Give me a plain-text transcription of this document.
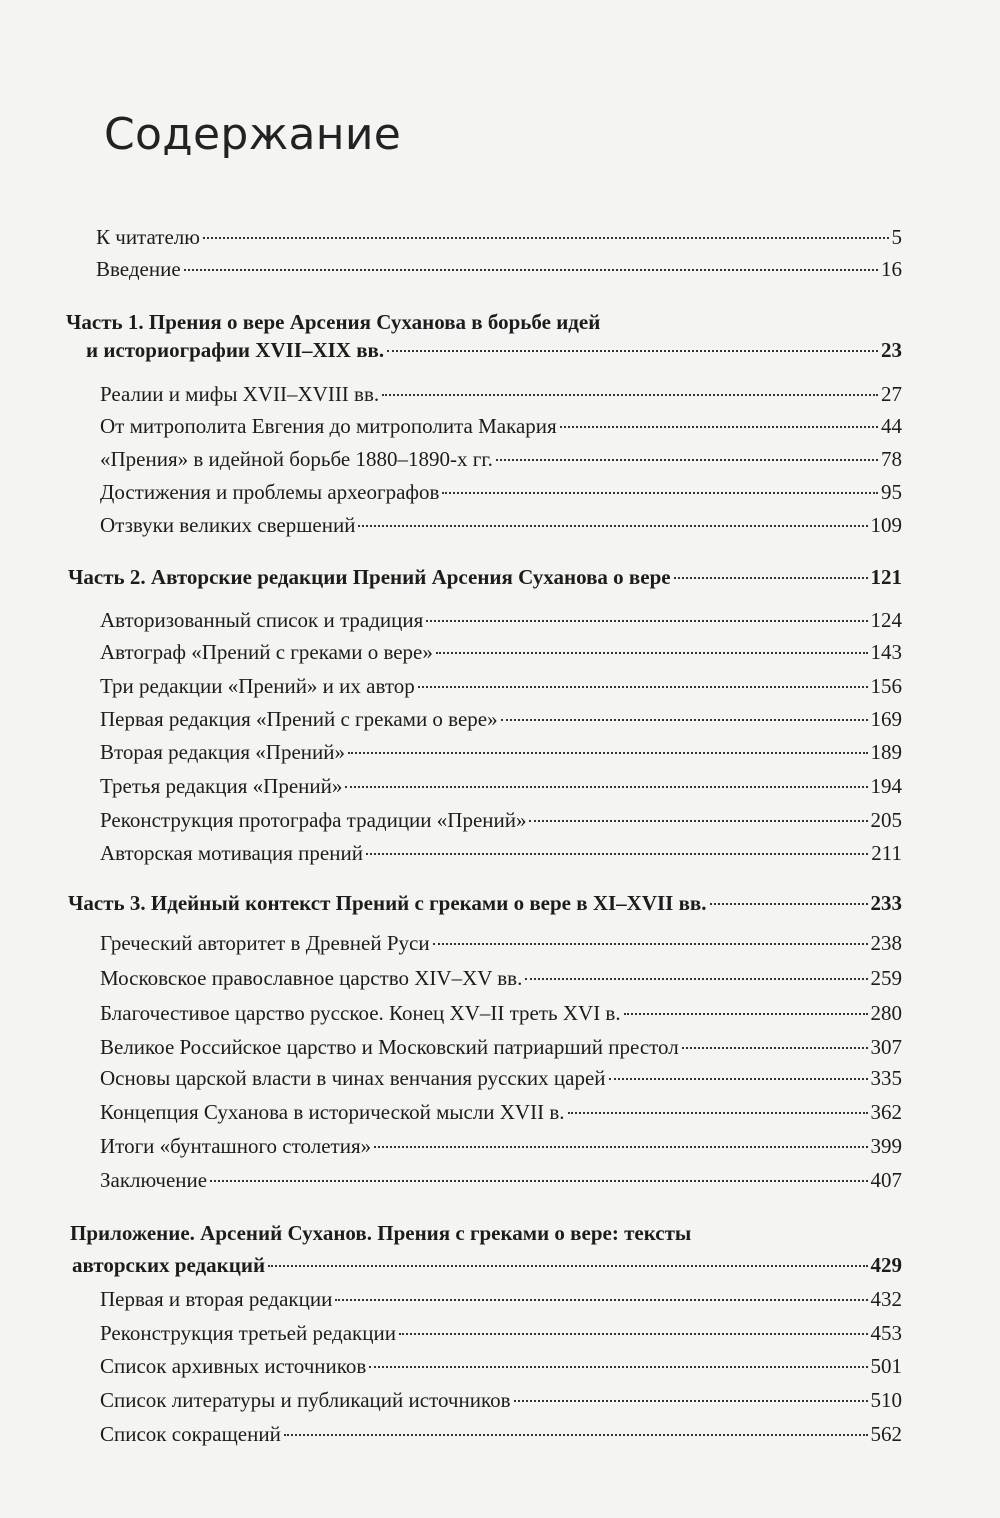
Содержание
К читателю	5
Введение	16
Часть 1. Прения о вере Арсения Суханова в борьбе идей
и историографии XVII–XIX вв.	23
Реалии и мифы XVII–XVIII вв.	27
От митрополита Евгения до митрополита Макария	44
«Прения» в идейной борьбе 1880–1890-х гг.	78
Достижения и проблемы археографов	95
Отзвуки великих свершений	109
Часть 2. Авторские редакции Прений Арсения Суханова о вере	121
Авторизованный список и традиция	124
Автограф «Прений с греками о вере»	143
Три редакции «Прений» и их автор	156
Первая редакция «Прений с греками о вере»	169
Вторая редакция «Прений»	189
Третья редакция «Прений»	194
Реконструкция протографа традиции «Прений»	205
Авторская мотивация прений	211
Часть 3. Идейный контекст Прений с греками о вере в XI–XVII вв.	233
Греческий авторитет в Древней Руси	238
Московское православное царство XIV–XV вв.	259
Благочестивое царство русское. Конец XV–II треть XVI в.	280
Великое Российское царство и Московский патриарший престол	307
Основы царской власти в чинах венчания русских царей	335
Концепция Суханова в исторической мысли XVII в.	362
Итоги «бунташного столетия»	399
Заключение	407
Приложение. Арсений Суханов. Прения с греками о вере: тексты
авторских редакций	429
Первая и вторая редакции	432
Реконструкция третьей редакции	453
Список архивных источников	501
Список литературы и публикаций источников	510
Список сокращений	562
